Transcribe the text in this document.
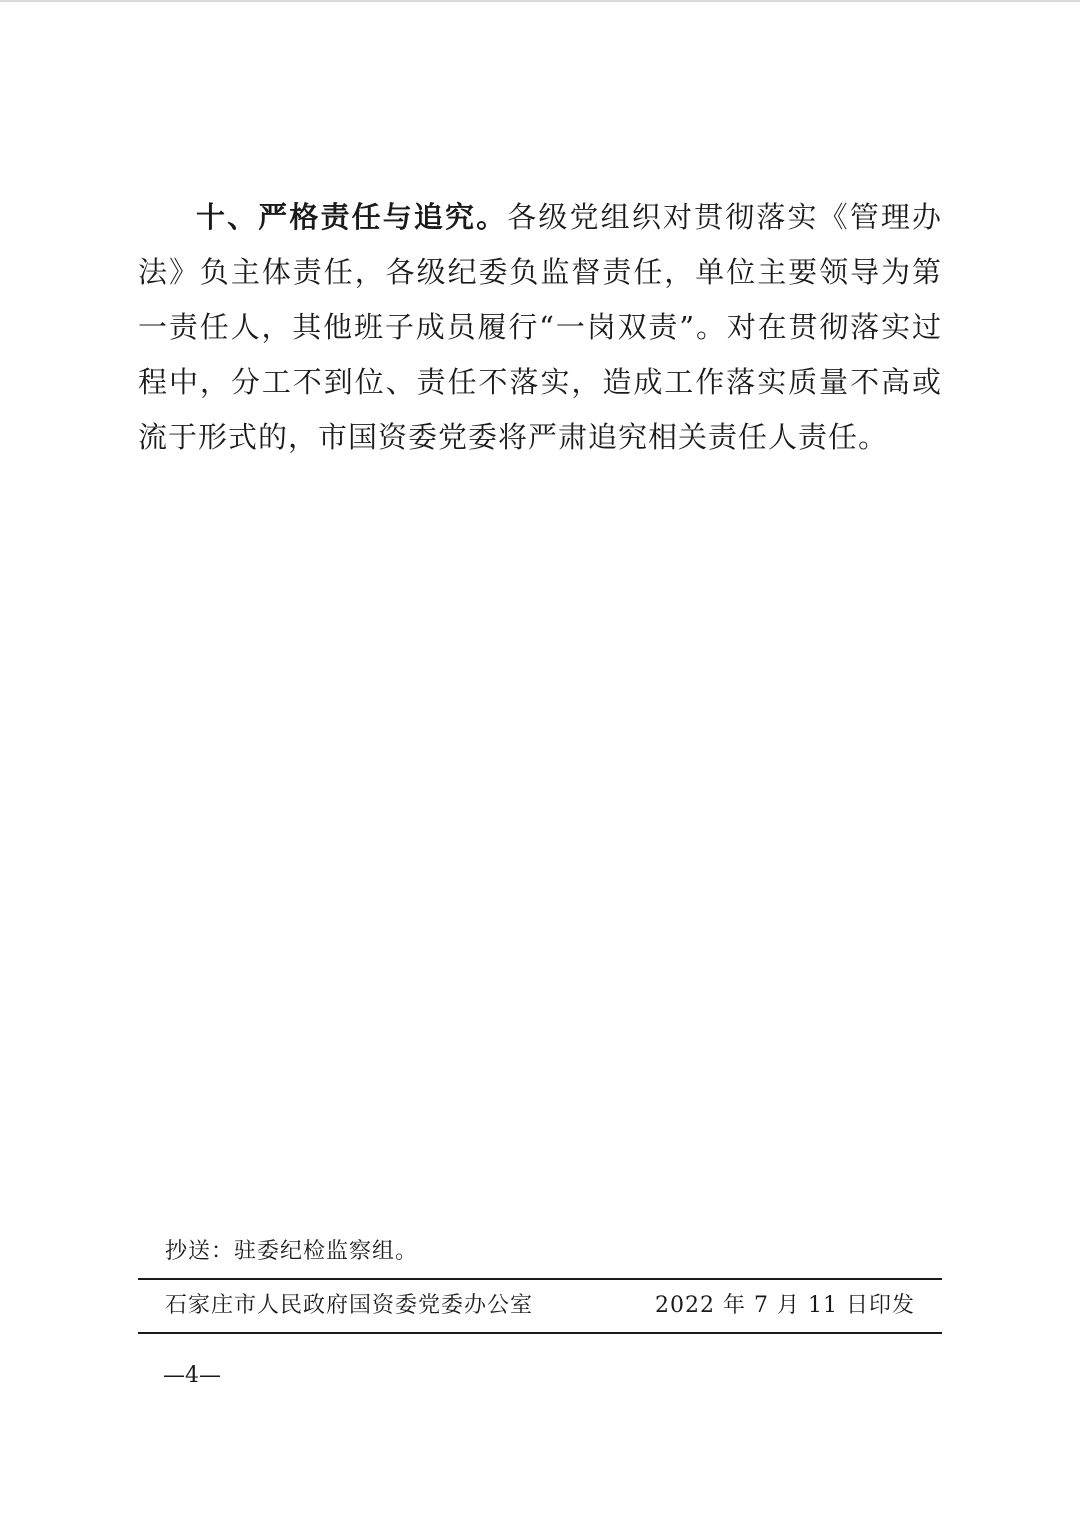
十、严格责任与追究。各级党组织对贯彻落实《管理办法》负主体责任，各级纪委负监督责任，单位主要领导为第一责任人，其他班子成员履行“一岗双责”。对在贯彻落实过程中，分工不到位、责任不落实，造成工作落实质量不高或流于形式的，市国资委党委将严肃追究相关责任人责任。

抄送：驻委纪检监察组。
石家庄市人民政府国资委党委办公室	2022 年 7 月 11 日印发
—4—
